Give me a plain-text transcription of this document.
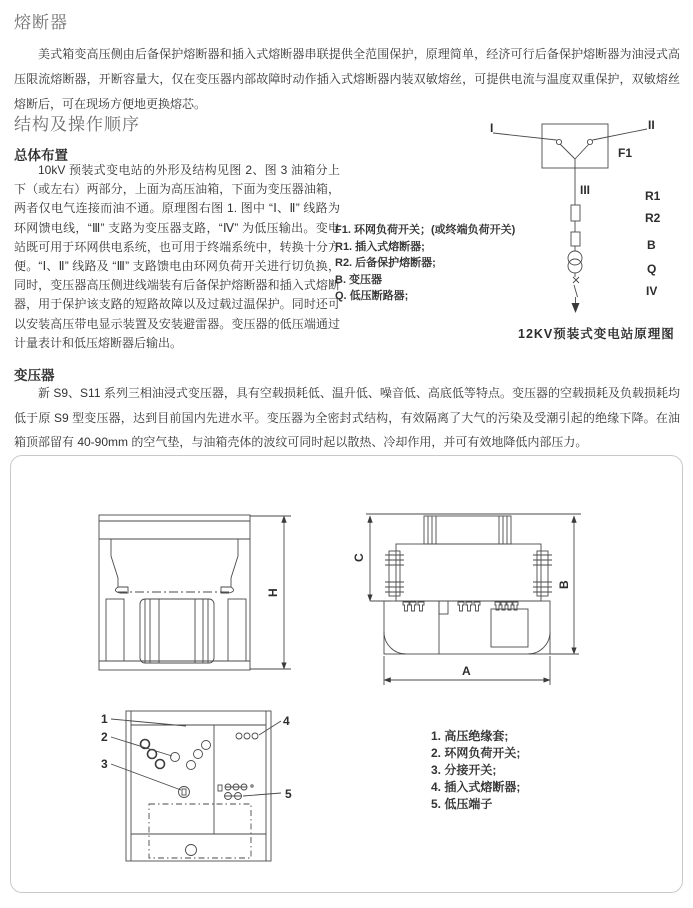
熔断器

美式箱变高压侧由后备保护熔断器和插入式熔断器串联提供全范围保护，原理简单，经济可行后备保护熔断器为油浸式高压限流熔断器，开断容量大，仅在变压器内部故障时动作插入式熔断器内装双敏熔丝，可提供电流与温度双重保护，双敏熔丝熔断后，可在现场方便地更换熔芯。

结构及操作顺序
总体布置

10kV 预装式变电站的外形及结构见图 2、图 3 油箱分上下（或左右）两部分，上面为高压油箱，下面为变压器油箱，两者仅电气连接而油不通。原理图右图 1. 图中 “Ⅰ、Ⅱ” 线路为环网馈电线，“Ⅲ” 支路为变压器支路，“Ⅳ” 为低压输出。变电站既可用于环网供电系统，也可用于终端系统中，转换十分方便。“Ⅰ、Ⅱ” 线路及 “Ⅲ” 支路馈电由环网负荷开关进行切负换，同时，变压器高压侧进线端装有后备保护熔断器和插入式熔断器，用于保护该支路的短路故障以及过载过温保护。同时还可以安装高压带电显示装置及安装避雷器。变压器的低压端通过计量表计和低压熔断器后输出。

I	II
III
F1
R1
R2
B
Q
IV
F1. 环网负荷开关；(或终端负荷开关)
R1. 插入式熔断器;
R2. 后备保护熔断器;
B. 变压器
Q. 低压断路器;
12KV预装式变电站原理图
变压器

新 S9、S11 系列三相油浸式变压器，具有空载损耗低、温升低、噪音低、高底低等特点。变压器的空载损耗及负载损耗均低于原 S9 型变压器，达到目前国内先进水平。变压器为全密封式结构，有效隔离了大气的污染及受潮引起的绝缘下降。在油箱顶部留有 40-90mm 的空气垫，与油箱壳体的波纹可同时起以散热、冷却作用，并可有效地降低内部压力。

H
C
B
A
1
2
3
4
5
1. 高压绝缘套;
2. 环网负荷开关;
3. 分接开关;
4. 插入式熔断器;
5. 低压端子
